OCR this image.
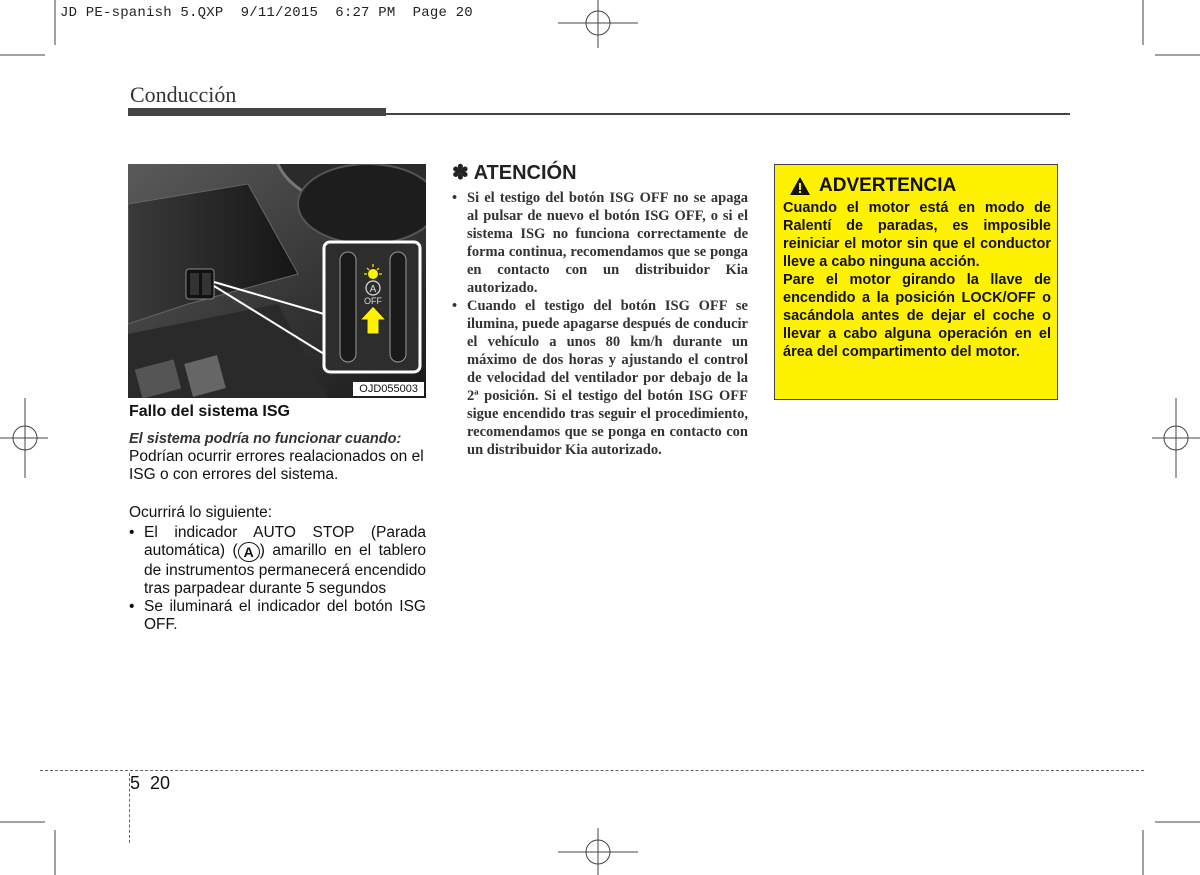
JD PE-spanish 5.QXP  9/11/2015  6:27 PM  Page 20
Conducción
A
OFF
OJD055003
Fallo del sistema ISG

El sistema podría no funcionar cuando:

Podrían ocurrir errores realacionados on el ISG o con errores del sistema.

Ocurrirá lo siguiente:

• El indicador AUTO STOP (Parada automática) ( A ) amarillo en el tablero de instrumentos permanecerá encendido tras parpadear durante 5 segundos
• Se iluminará el indicador del botón ISG OFF.
✽ ATENCIÓN
• Si el testigo del botón ISG OFF no se apaga al pulsar de nuevo el botón ISG OFF, o si el sistema ISG no funciona correctamente de forma continua, recomendamos que se ponga en contacto con un distribuidor Kia autorizado.
• Cuando el testigo del botón ISG OFF se ilumina, puede apagarse después de conducir el vehículo a unos 80 km/h durante un máximo de dos horas y ajustando el control de velocidad del ventilador por debajo de la 2ª posición. Si el testigo del botón ISG OFF sigue encendido tras seguir el procedimiento, recomendamos que se ponga en contacto con un distribuidor Kia autorizado.
ADVERTENCIA

Cuando el motor está en modo de Ralentí de paradas, es imposible reiniciar el motor sin que el conductor lleve a cabo ninguna acción.

Pare el motor girando la llave de encendido a la posición LOCK/OFF o sacándola antes de dejar el coche o llevar a cabo alguna operación en el área del compartimento del motor.

5 20
